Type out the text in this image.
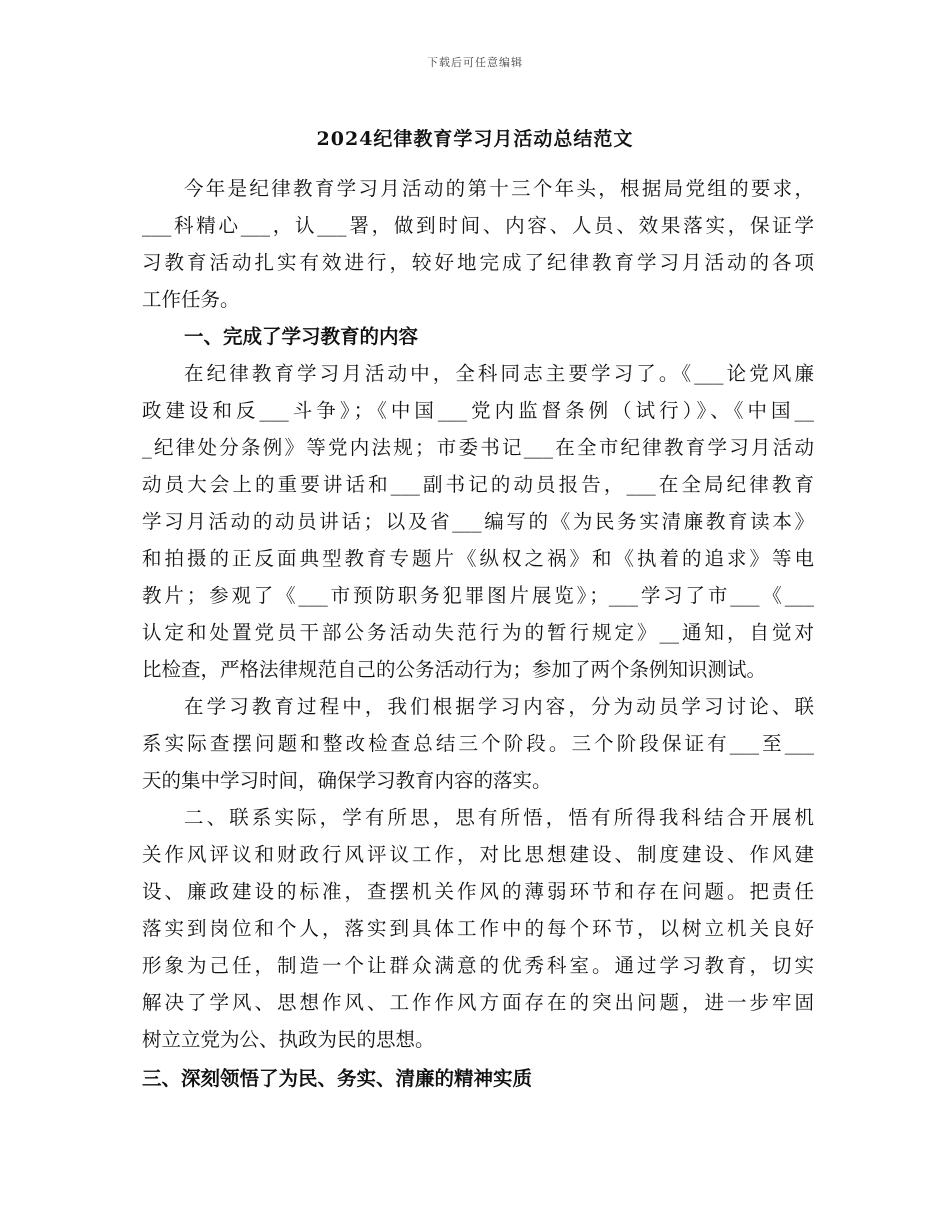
下载后可任意编辑
2024纪律教育学习月活动总结范文
今年是纪律教育学习月活动的第十三个年头，根据局党组的要求，
___科精心___，认___署，做到时间、内容、人员、效果落实，保证学
习教育活动扎实有效进行，较好地完成了纪律教育学习月活动的各项
工作任务。
一、完成了学习教育的内容
在纪律教育学习月活动中，全科同志主要学习了。《___论党风廉
政建设和反___斗争》；《中国___党内监督条例（试行）》、《中国__
_纪律处分条例》等党内法规；市委书记___在全市纪律教育学习月活动
动员大会上的重要讲话和___副书记的动员报告，___在全局纪律教育
学习月活动的动员讲话；以及省___编写的《为民务实清廉教育读本》
和拍摄的正反面典型教育专题片《纵权之祸》和《执着的追求》等电
教片；参观了《___市预防职务犯罪图片展览》；___学习了市___《___
认定和处置党员干部公务活动失范行为的暂行规定》__通知，自觉对
比检查，严格法律规范自己的公务活动行为；参加了两个条例知识测试。
在学习教育过程中，我们根据学习内容，分为动员学习讨论、联
系实际查摆问题和整改检查总结三个阶段。三个阶段保证有___至___
天的集中学习时间，确保学习教育内容的落实。
二、联系实际，学有所思，思有所悟，悟有所得我科结合开展机
关作风评议和财政行风评议工作，对比思想建设、制度建设、作风建
设、廉政建设的标准，查摆机关作风的薄弱环节和存在问题。把责任
落实到岗位和个人，落实到具体工作中的每个环节，以树立机关良好
形象为己任，制造一个让群众满意的优秀科室。通过学习教育，切实
解决了学风、思想作风、工作作风方面存在的突出问题，进一步牢固
树立立党为公、执政为民的思想。
三、深刻领悟了为民、务实、清廉的精神实质
